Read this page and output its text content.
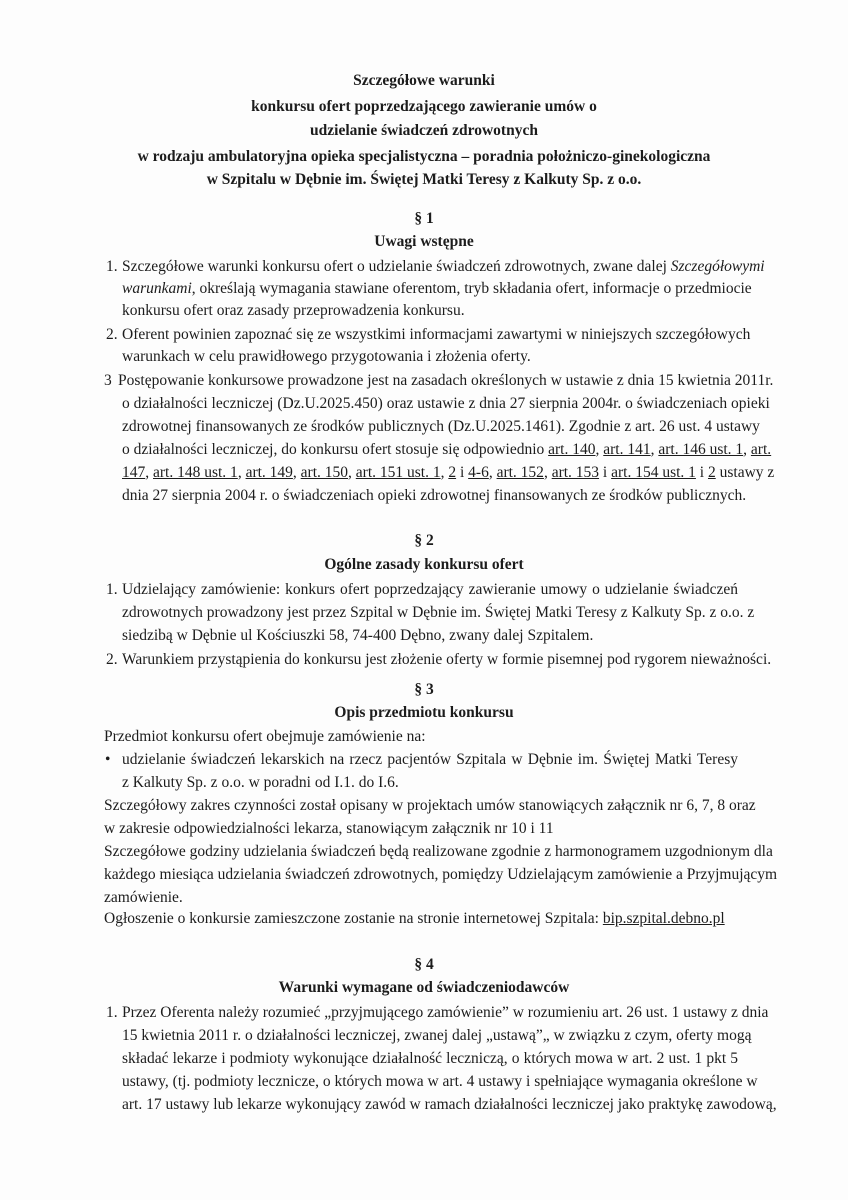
Szczegółowe warunki
konkursu ofert poprzedzającego zawieranie umów o
udzielanie świadczeń zdrowotnych
w rodzaju ambulatoryjna opieka specjalistyczna – poradnia położniczo-ginekologiczna
w Szpitalu w Dębnie im. Świętej Matki Teresy z Kalkuty Sp. z o.o.
§ 1
Uwagi wstępne
1. Szczegółowe warunki konkursu ofert o udzielanie świadczeń zdrowotnych, zwane dalej Szczegółowymi
warunkami, określają wymagania stawiane oferentom, tryb składania ofert, informacje o przedmiocie
konkursu ofert oraz zasady przeprowadzenia konkursu.
2. Oferent powinien zapoznać się ze wszystkimi informacjami zawartymi w niniejszych szczegółowych
warunkach w celu prawidłowego przygotowania i złożenia oferty.
3 Postępowanie konkursowe prowadzone jest na zasadach określonych w ustawie z dnia 15 kwietnia 2011r.
o działalności leczniczej (Dz.U.2025.450) oraz ustawie z dnia 27 sierpnia 2004r. o świadczeniach opieki
zdrowotnej finansowanych ze środków publicznych (Dz.U.2025.1461). Zgodnie z art. 26 ust. 4 ustawy
o działalności leczniczej, do konkursu ofert stosuje się odpowiednio art. 140, art. 141, art. 146 ust. 1, art.
147, art. 148 ust. 1, art. 149, art. 150, art. 151 ust. 1, 2 i 4-6, art. 152, art. 153 i art. 154 ust. 1 i 2 ustawy z
dnia 27 sierpnia 2004 r. o świadczeniach opieki zdrowotnej finansowanych ze środków publicznych.
§ 2
Ogólne zasady konkursu ofert
1. Udzielający zamówienie: konkurs ofert poprzedzający zawieranie umowy o udzielanie świadczeń
zdrowotnych prowadzony jest przez Szpital w Dębnie im. Świętej Matki Teresy z Kalkuty Sp. z o.o. z
siedzibą w Dębnie ul Kościuszki 58, 74-400 Dębno, zwany dalej Szpitalem.
2. Warunkiem przystąpienia do konkursu jest złożenie oferty w formie pisemnej pod rygorem nieważności.
§ 3
Opis przedmiotu konkursu
Przedmiot konkursu ofert obejmuje zamówienie na:
• udzielanie świadczeń lekarskich na rzecz pacjentów Szpitala w Dębnie im. Świętej Matki Teresy
z Kalkuty Sp. z o.o. w poradni od I.1. do I.6.
Szczegółowy zakres czynności został opisany w projektach umów stanowiących załącznik nr 6, 7, 8 oraz
w zakresie odpowiedzialności lekarza, stanowiącym załącznik nr 10 i 11
Szczegółowe godziny udzielania świadczeń będą realizowane zgodnie z harmonogramem uzgodnionym dla
każdego miesiąca udzielania świadczeń zdrowotnych, pomiędzy Udzielającym zamówienie a Przyjmującym
zamówienie.
Ogłoszenie o konkursie zamieszczone zostanie na stronie internetowej Szpitala: bip.szpital.debno.pl
§ 4
Warunki wymagane od świadczeniodawców
1. Przez Oferenta należy rozumieć „przyjmującego zamówienie” w rozumieniu art. 26 ust. 1 ustawy z dnia
15 kwietnia 2011 r. o działalności leczniczej, zwanej dalej „ustawą”„ w związku z czym, oferty mogą
składać lekarze i podmioty wykonujące działalność leczniczą, o których mowa w art. 2 ust. 1 pkt 5
ustawy, (tj. podmioty lecznicze, o których mowa w art. 4 ustawy i spełniające wymagania określone w
art. 17 ustawy lub lekarze wykonujący zawód w ramach działalności leczniczej jako praktykę zawodową,
